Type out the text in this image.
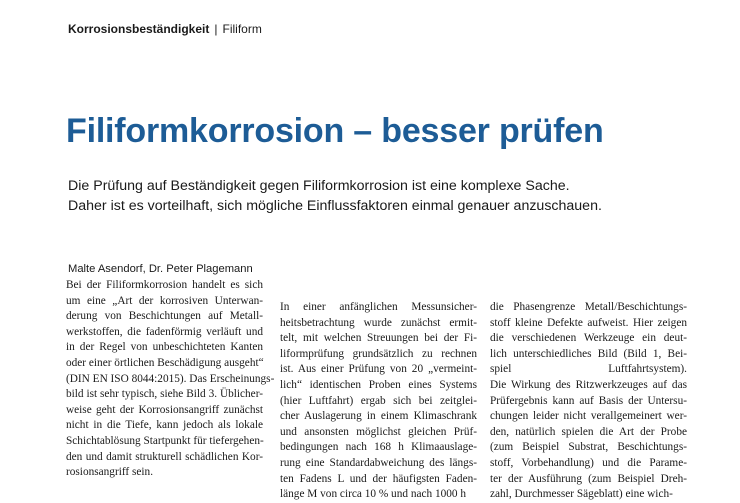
Korrosionsbeständigkeit | Filiform
Filiformkorrosion – besser prüfen

Die Prüfung auf Beständigkeit gegen Filiformkorrosion ist eine komplexe Sache.

Daher ist es vorteilhaft, sich mögliche Einflussfaktoren einmal genauer anzuschauen.

Malte Asendorf, Dr. Peter Plagemann
Bei der Filiformkorrosion handelt es sich
um eine „Art der korrosiven Unterwan-
derung von Beschichtungen auf Metall-
werkstoffen, die fadenförmig verläuft und
in der Regel von unbeschichteten Kanten
oder einer örtlichen Beschädigung ausgeht“
(DIN EN ISO 8044:2015). Das Erscheinungs-
bild ist sehr typisch, siehe Bild 3. Üblicher-
weise geht der Korrosionsangriff zunächst
nicht in die Tiefe, kann jedoch als lokale
Schichtablösung Startpunkt für tiefergehen-
den und damit strukturell schädlichen Kor-
rosionsangriff sein.
In einer anfänglichen Messunsicher-
heitsbetrachtung wurde zunächst ermit-
telt, mit welchen Streuungen bei der Fi-
liformprüfung grundsätzlich zu rechnen
ist. Aus einer Prüfung von 20 „vermeint-
lich“ identischen Proben eines Systems
(hier Luftfahrt) ergab sich bei zeitglei-
cher Auslagerung in einem Klimaschrank
und ansonsten möglichst gleichen Prüf-
bedingungen nach 168 h Klimaauslage-
rung eine Standardabweichung des längs-
ten Fadens L und der häufigsten Faden-
länge M von circa 10 % und nach 1000 h
die Phasengrenze Metall/Beschichtungs-
stoff kleine Defekte aufweist. Hier zeigen
die verschiedenen Werkzeuge ein deut-
lich unterschiedliches Bild (Bild 1, Bei-
spiel Luftfahrtsystem).
Die Wirkung des Ritzwerkzeuges auf das
Prüfergebnis kann auf Basis der Untersu-
chungen leider nicht verallgemeinert wer-
den, natürlich spielen die Art der Probe
(zum Beispiel Substrat, Beschichtungs-
stoff, Vorbehandlung) und die Parame-
ter der Ausführung (zum Beispiel Dreh-
zahl, Durchmesser Sägeblatt) eine wich-
